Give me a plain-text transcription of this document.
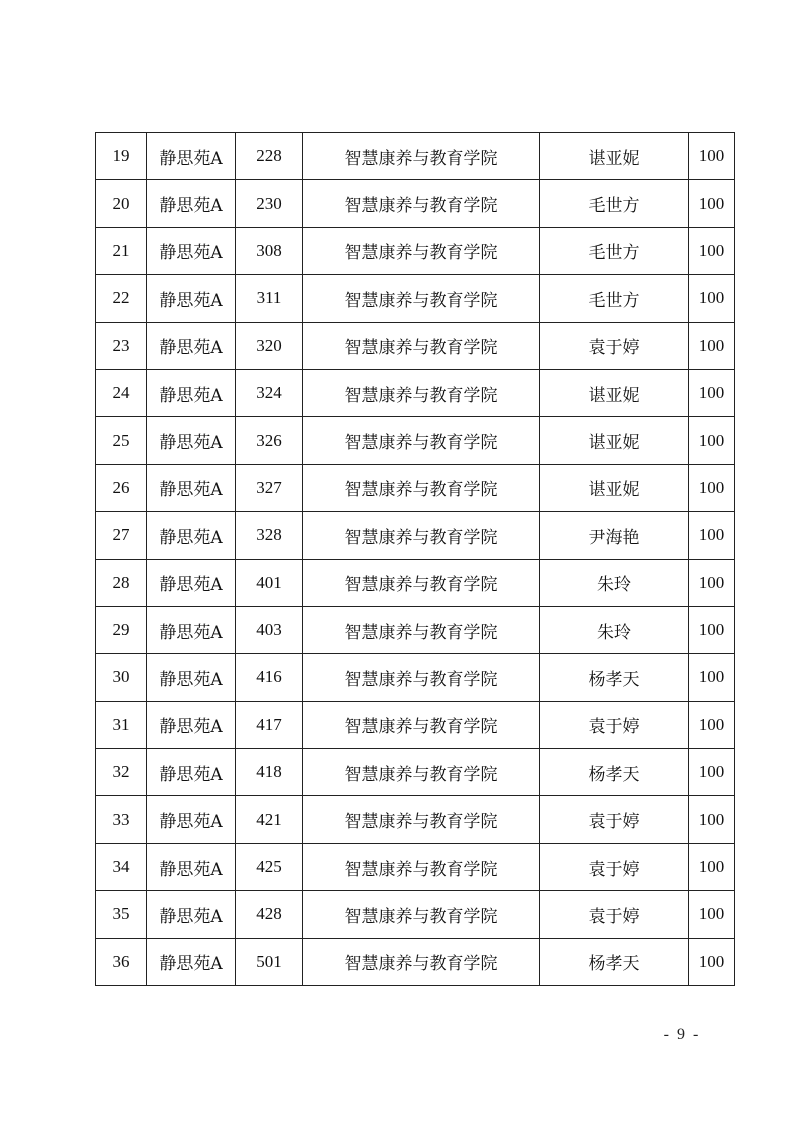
19	静思苑A	228	智慧康养与教育学院	谌亚妮	100
20	静思苑A	230	智慧康养与教育学院	毛世方	100
21	静思苑A	308	智慧康养与教育学院	毛世方	100
22	静思苑A	311	智慧康养与教育学院	毛世方	100
23	静思苑A	320	智慧康养与教育学院	袁于婷	100
24	静思苑A	324	智慧康养与教育学院	谌亚妮	100
25	静思苑A	326	智慧康养与教育学院	谌亚妮	100
26	静思苑A	327	智慧康养与教育学院	谌亚妮	100
27	静思苑A	328	智慧康养与教育学院	尹海艳	100
28	静思苑A	401	智慧康养与教育学院	朱玲	100
29	静思苑A	403	智慧康养与教育学院	朱玲	100
30	静思苑A	416	智慧康养与教育学院	杨孝天	100
31	静思苑A	417	智慧康养与教育学院	袁于婷	100
32	静思苑A	418	智慧康养与教育学院	杨孝天	100
33	静思苑A	421	智慧康养与教育学院	袁于婷	100
34	静思苑A	425	智慧康养与教育学院	袁于婷	100
35	静思苑A	428	智慧康养与教育学院	袁于婷	100
36	静思苑A	501	智慧康养与教育学院	杨孝天	100
- 9 -
